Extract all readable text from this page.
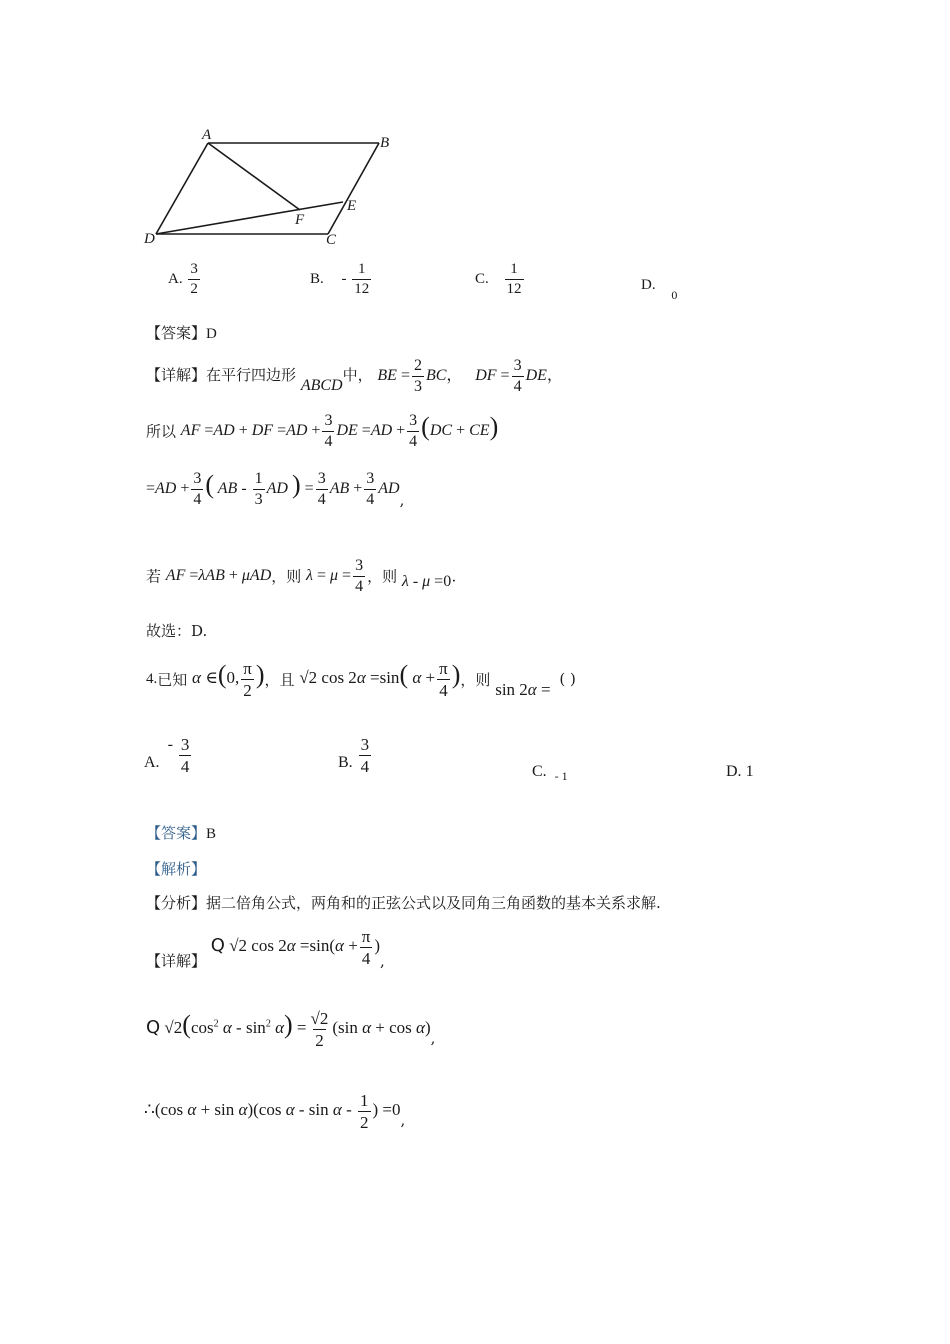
A	B
D	C
E
F
A. $\frac{3}{2}$	B. - $\frac{1}{12}$	C. $\frac{1}{12}$	D. $_0$
【答案】D
【详解】在平行四边形 ABCD中， BE = $\frac{2}{3}$ BC， DF = $\frac{3}{4}$ DE，
所以 AF =AD + DF $=AD + \frac{3}{4}$ DE $=AD + \frac{3}{4} (DC + CE)$
$=AD + \frac{3}{4}$ ( AB - $\frac{1}{3}$ AD ) = $\frac{3}{4}$ AB + $\frac{3}{4}$ AD,
若 AF =λAB + μAD，则 $\lambda = \mu = \frac{3}{4}$ ，则 λ - μ =0·
故选：D.
4.已知 α ∈(0, $\frac{\pi}{2}$ )，且 √2 cos 2α =sin( $\alpha + \frac{\pi}{4}$ )，则 sin 2α = ( )
A. - $\frac{3}{4}$	B. $\frac{3}{4}$	C. $_{- 1}$	D. 1
【答案】B
【解析】
【分析】据二倍角公式，两角和的正弦公式以及同角三角函数的基本关系求解.
【详解】 Q √2 $\cos 2\alpha =\sin(\alpha + \frac{\pi}{4}$ ),
Q $√2(\cos^2$ $\alpha - \sin^2 \alpha) = \frac{√2}{2} (\sin$ α + cos α),
∴(cos α + sin α)(cos α - sin α - $\frac{1}{2}$ ) =0,
